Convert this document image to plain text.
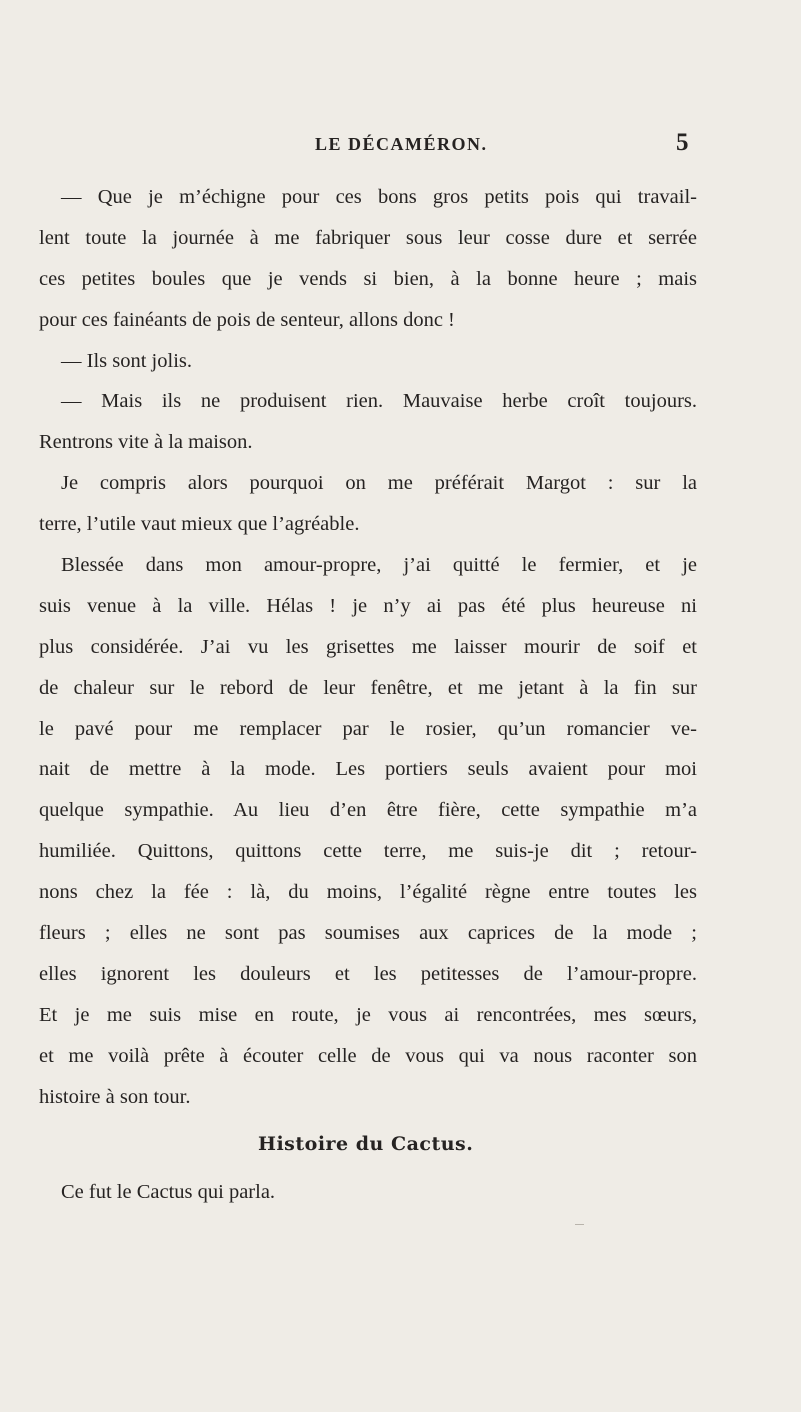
LE DÉCAMÉRON.	5
— Que je m’échigne pour ces bons gros petits pois qui travail-
lent toute la journée à me fabriquer sous leur cosse dure et serrée
ces petites boules que je vends si bien, à la bonne heure ; mais
pour ces fainéants de pois de senteur, allons donc !
— Ils sont jolis.
— Mais ils ne produisent rien. Mauvaise herbe croît toujours.
Rentrons vite à la maison.
Je compris alors pourquoi on me préférait Margot : sur la
terre, l’utile vaut mieux que l’agréable.
Blessée dans mon amour-propre, j’ai quitté le fermier, et je
suis venue à la ville. Hélas ! je n’y ai pas été plus heureuse ni
plus considérée. J’ai vu les grisettes me laisser mourir de soif et
de chaleur sur le rebord de leur fenêtre, et me jetant à la fin sur
le pavé pour me remplacer par le rosier, qu’un romancier ve-
nait de mettre à la mode. Les portiers seuls avaient pour moi
quelque sympathie. Au lieu d’en être fière, cette sympathie m’a
humiliée. Quittons, quittons cette terre, me suis-je dit ; retour-
nons chez la fée : là, du moins, l’égalité règne entre toutes les
fleurs ; elles ne sont pas soumises aux caprices de la mode ;
elles ignorent les douleurs et les petitesses de l’amour-propre.
Et je me suis mise en route, je vous ai rencontrées, mes sœurs,
et me voilà prête à écouter celle de vous qui va nous raconter son
histoire à son tour.
Histoire du Cactus.
Ce fut le Cactus qui parla.
